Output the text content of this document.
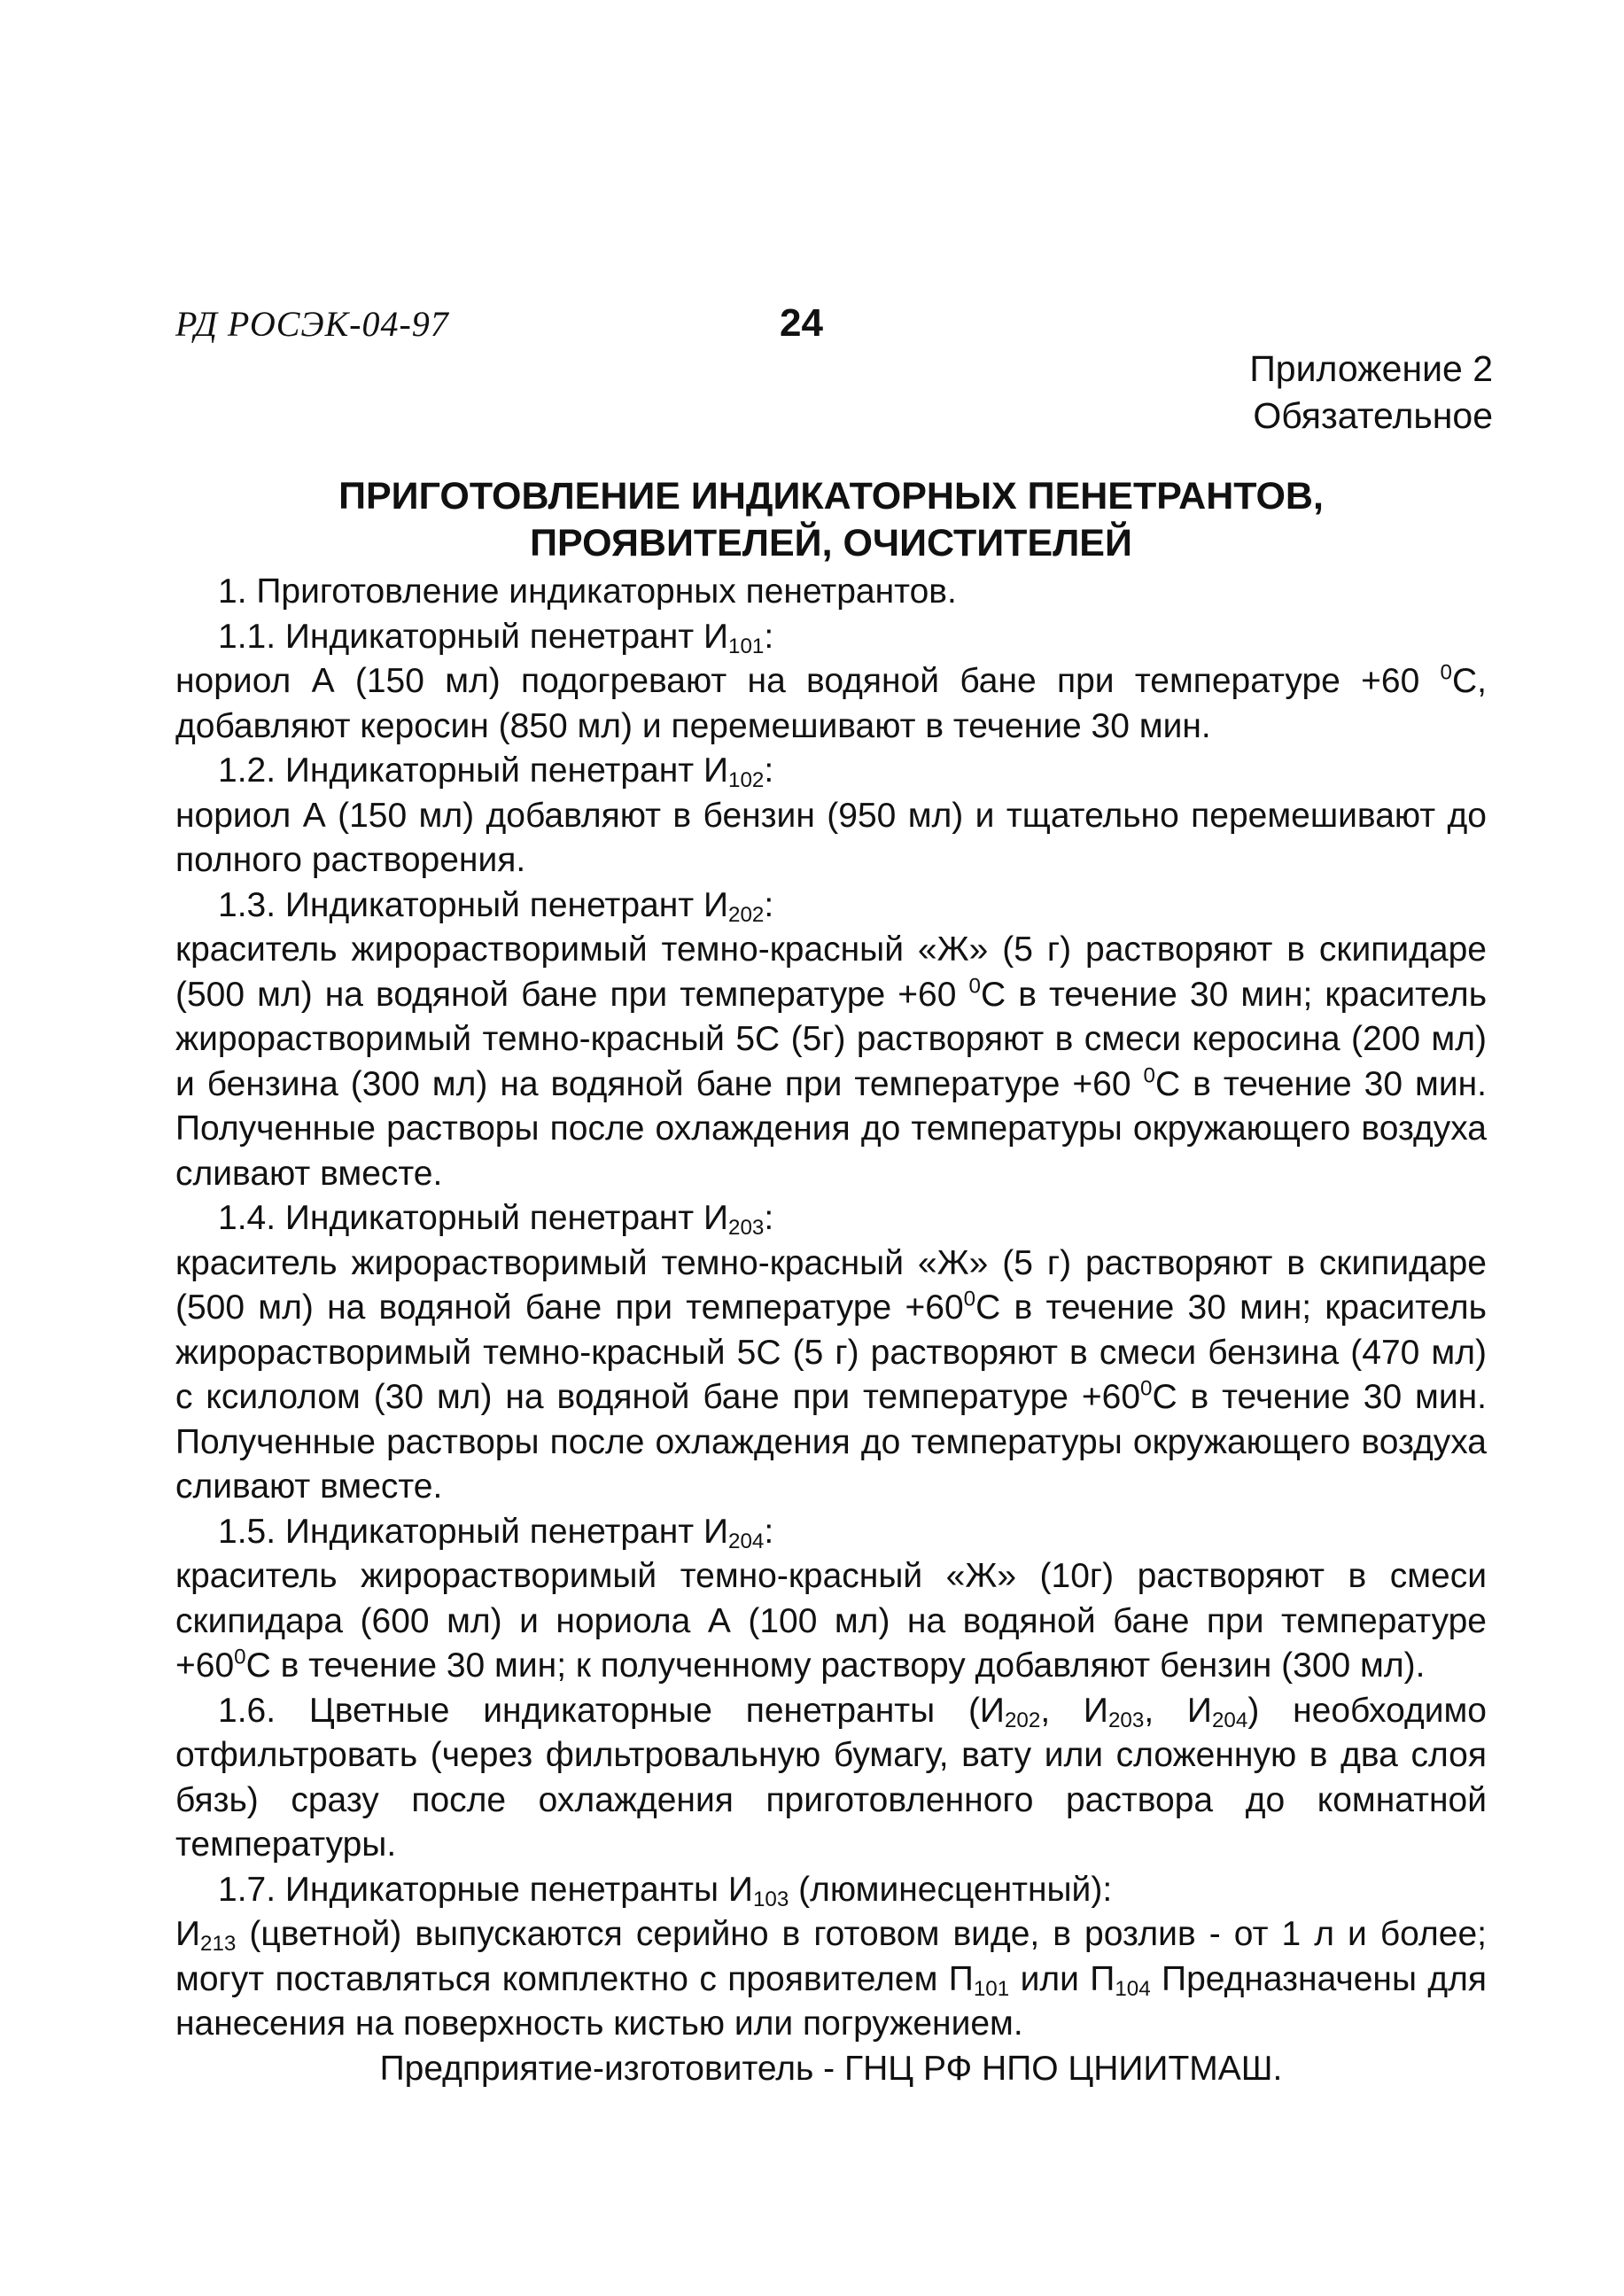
РД РОСЭК-04-97	24
Приложение 2
Обязательное
ПРИГОТОВЛЕНИЕ ИНДИКАТОРНЫХ ПЕНЕТРАНТОВ,
ПРОЯВИТЕЛЕЙ, ОЧИСТИТЕЛЕЙ

1. Приготовление индикаторных пенетрантов.

1.1. Индикаторный пенетрант $И_{101}$:

нориол А (150 мл) подогревают на водяной бане при температуре +60 $^0$С, добавляют керосин (850 мл) и перемешивают в течение 30 мин.

1.2. Индикаторный пенетрант $И_{102}$:

нориол А (150 мл) добавляют в бензин (950 мл) и тщательно перемешивают до полного растворения.

1.3. Индикаторный пенетрант $И_{202}$:

краситель жирорастворимый темно-красный «Ж» (5 г) растворяют в скипидаре (500 мл) на водяной бане при температуре +60 $^0$С в течение 30 мин; краситель жирорастворимый темно-красный 5С (5г) растворяют в смеси керосина (200 мл) и бензина (300 мл) на водяной бане при температуре +60 $^0$С в течение 30 мин. Полученные растворы после охлаждения до температуры окружающего воздуха сливают вместе.

1.4. Индикаторный пенетрант $И_{203}$:

краситель жирорастворимый темно-красный «Ж» (5 г) растворяют в скипидаре (500 мл) на водяной бане при температуре $+60^0С$ в течение 30 мин; краситель жирорастворимый темно-красный 5С (5 г) растворяют в смеси бензина (470 мл) с ксилолом (30 мл) на водяной бане при температуре $+60^0С$ в течение 30 мин. Полученные растворы после охлаждения до температуры окружающего воздуха сливают вместе.

1.5. Индикаторный пенетрант $И_{204}$:

краситель жирорастворимый темно-красный «Ж» (10г) растворяют в смеси скипидара (600 мл) и нориола А (100 мл) на водяной бане при температуре $+60^0С$ в течение 30 мин; к полученному раствору добавляют бензин (300 мл).

1.6. Цветные индикаторные пенетранты ($И_{202}$, $И_{203}$, $И_{204}$) необходимо отфильтровать (через фильтровальную бумагу, вату или сложенную в два слоя бязь) сразу после охлаждения приготовленного раствора до комнатной температуры.

1.7. Индикаторные пенетранты $И_{103}$ (люминесцентный):

$И_{213}$ (цветной) выпускаются серийно в готовом виде, в розлив - от 1 л и более; могут поставляться комплектно с проявителем $П_{101}$ или $П_{104}$ Предназначены для нанесения на поверхность кистью или погружением.

Предприятие-изготовитель - ГНЦ РФ НПО ЦНИИТМАШ.
